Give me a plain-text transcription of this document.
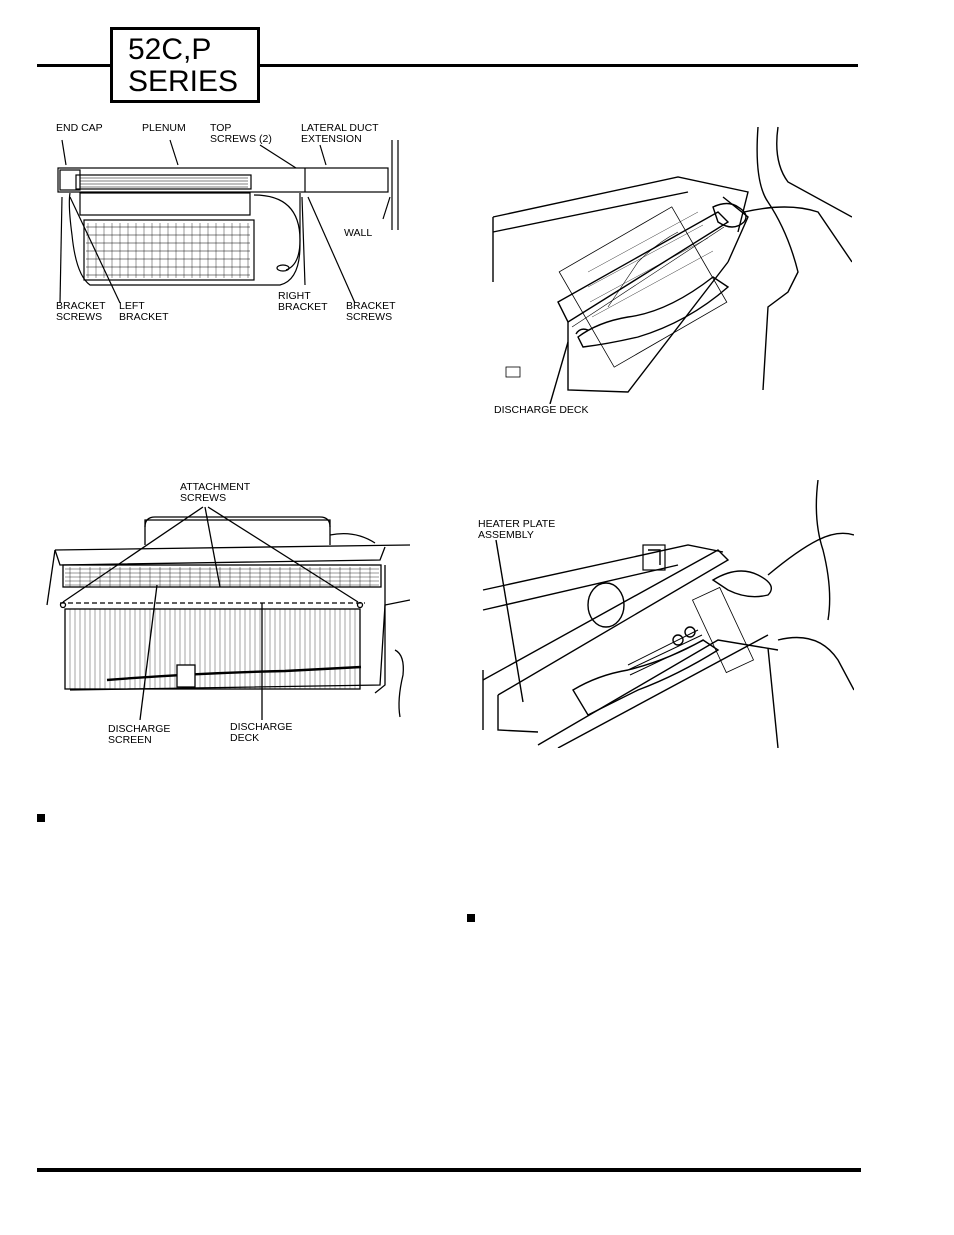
52C,P
SERIES
END CAP	PLENUM TOP
SCREWS (2)
LATERAL DUCT
EXTENSION
WALL
BRACKET
SCREWS
LEFT
BRACKET
RIGHT
BRACKET BRACKET
SCREWS
DISCHARGE DECK
ATTACHMENT
SCREWS
DISCHARGE
SCREEN
DISCHARGE
DECK
HEATER PLATE
ASSEMBLY
